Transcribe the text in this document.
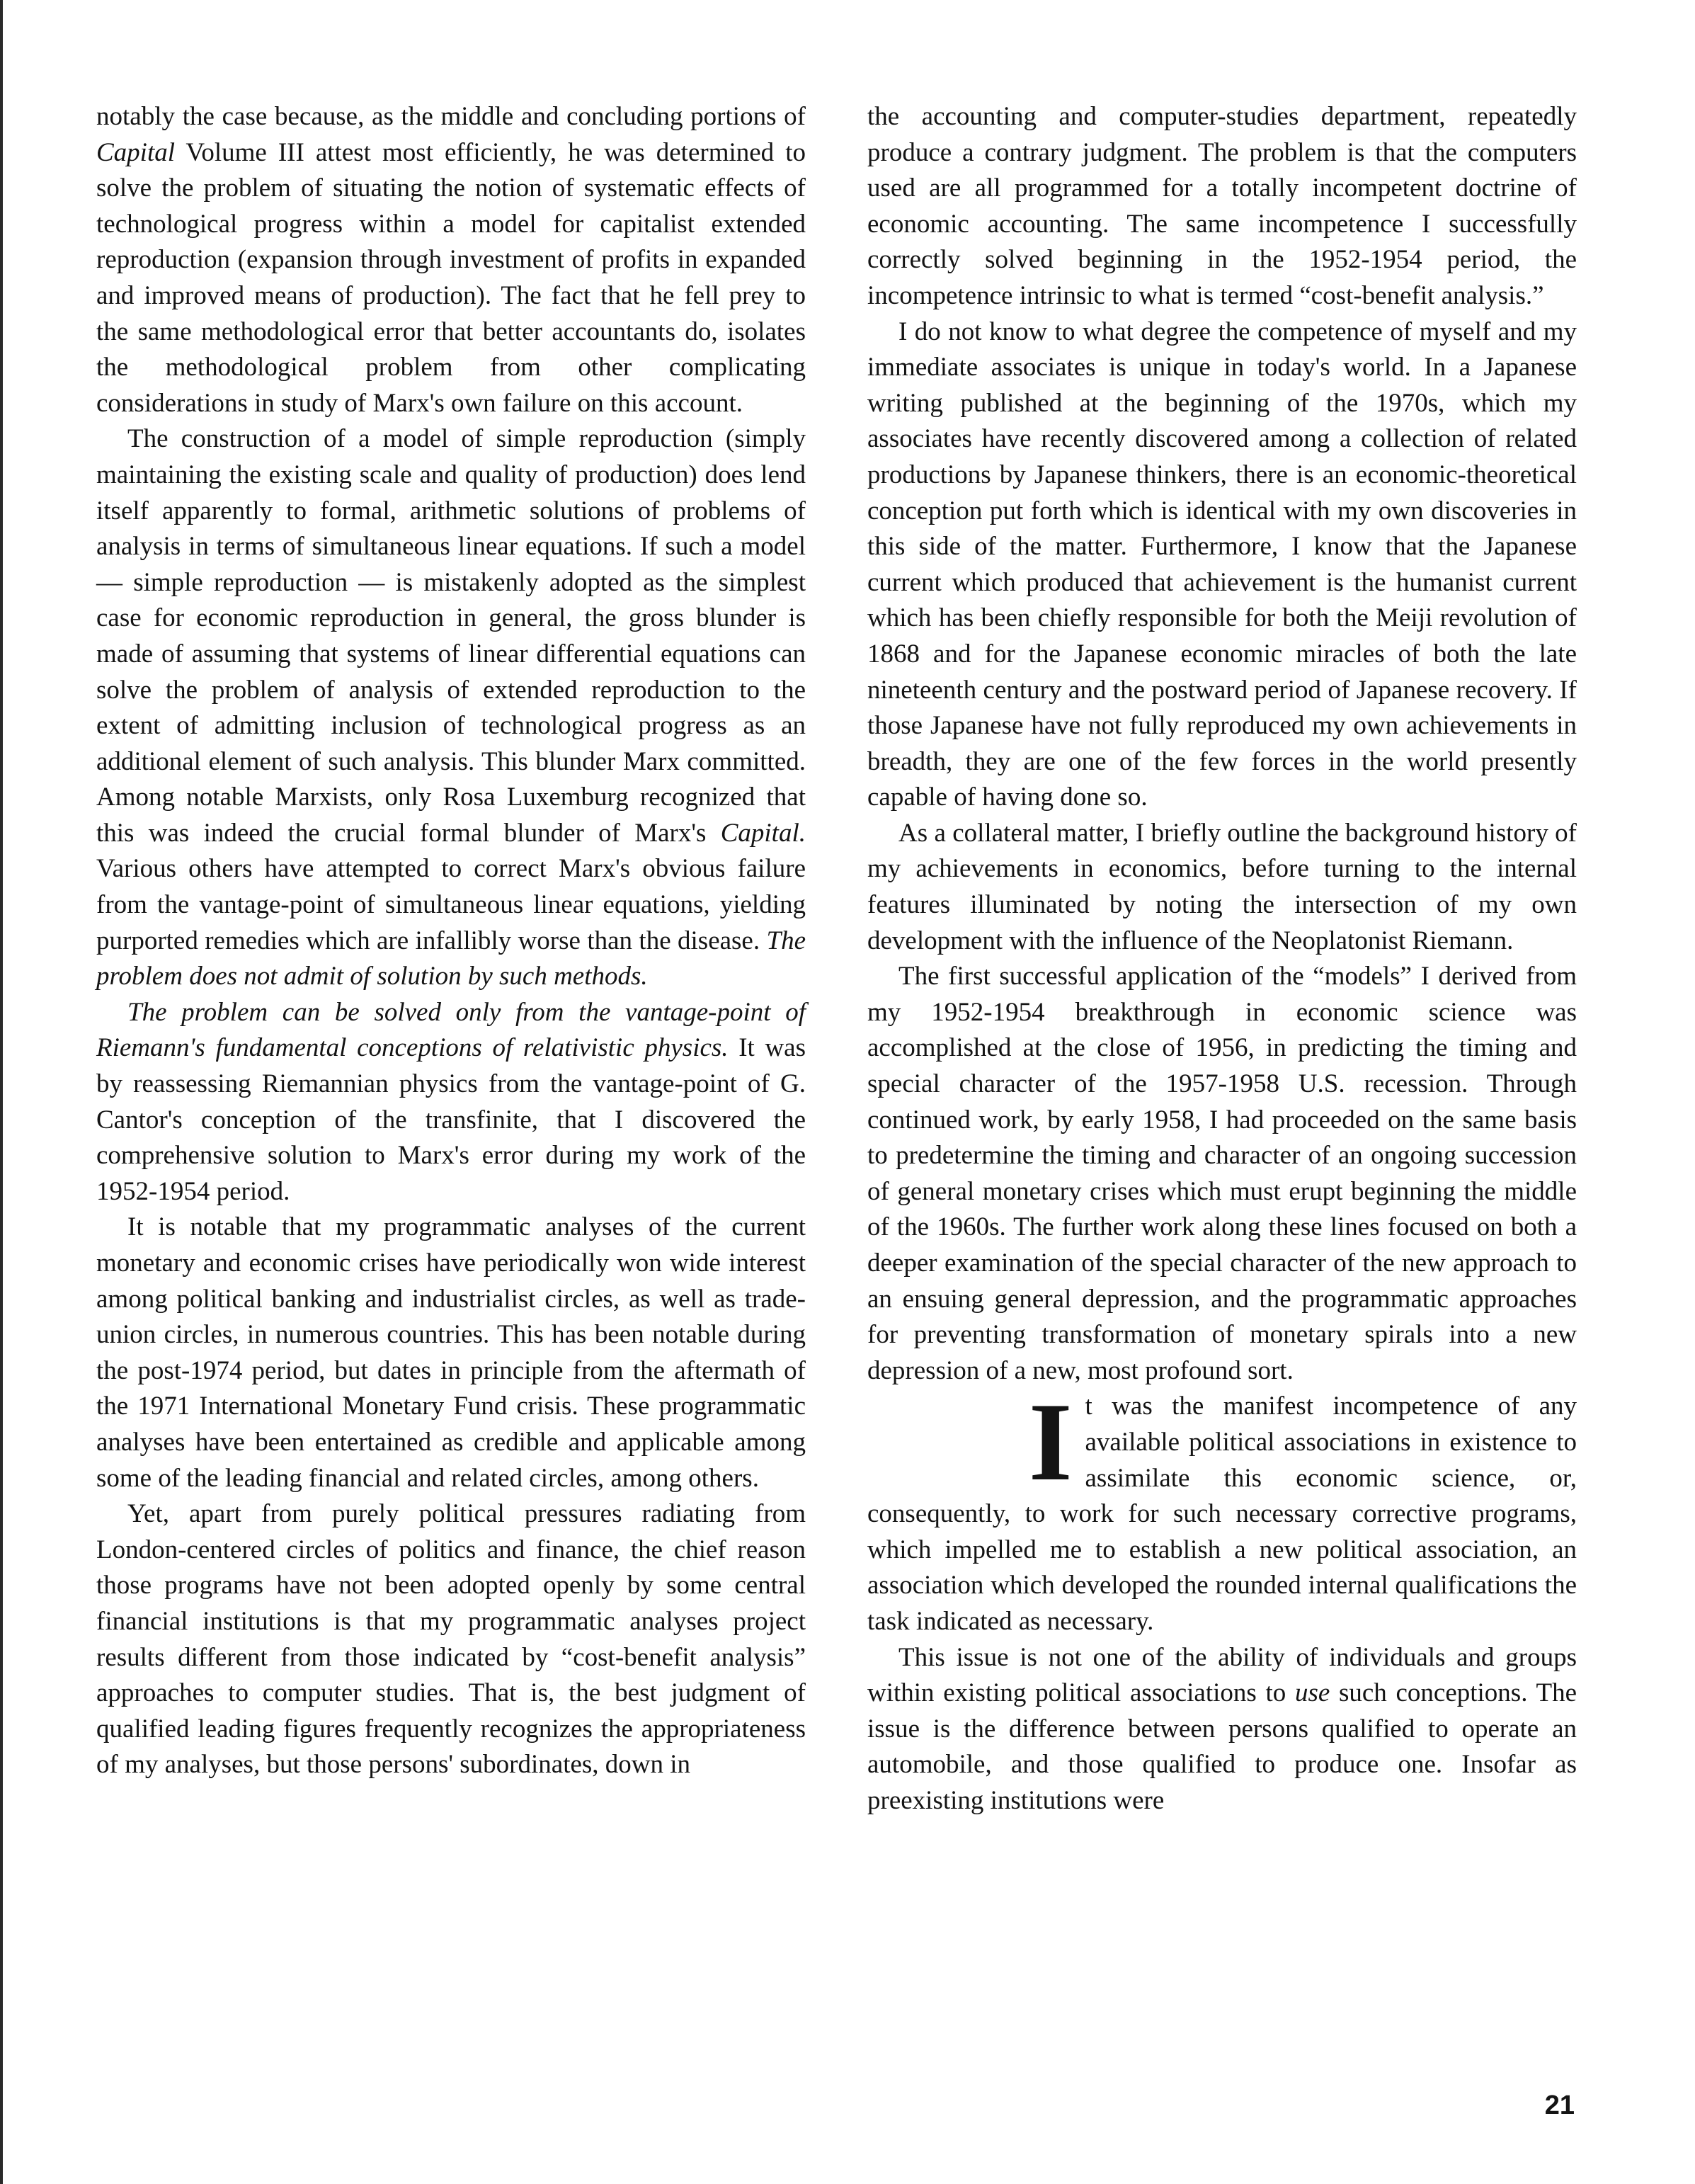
notably the case because, as the middle and concluding portions of Capital Volume III attest most efficiently, he was determined to solve the problem of situating the notion of systematic effects of technological progress within a model for capitalist extended reproduction (expansion through investment of profits in expanded and improved means of production). The fact that he fell prey to the same methodological error that better accountants do, isolates the methodological problem from other complicating considerations in study of Marx's own failure on this account.

The construction of a model of simple reproduction (simply maintaining the existing scale and quality of production) does lend itself apparently to formal, arithmetic solutions of problems of analysis in terms of simultaneous linear equations. If such a model — simple reproduction — is mistakenly adopted as the simplest case for economic reproduction in general, the gross blunder is made of assuming that systems of linear differential equations can solve the problem of analysis of extended reproduction to the extent of admitting inclusion of technological progress as an additional element of such analysis. This blunder Marx committed. Among notable Marxists, only Rosa Luxemburg recognized that this was indeed the crucial formal blunder of Marx's Capital. Various others have attempted to correct Marx's obvious failure from the vantage-point of simultaneous linear equations, yielding purported remedies which are infallibly worse than the disease. The problem does not admit of solution by such methods.

The problem can be solved only from the vantage-point of Riemann's fundamental conceptions of relativistic physics. It was by reassessing Riemannian physics from the vantage-point of G. Cantor's conception of the transfinite, that I discovered the comprehensive solution to Marx's error during my work of the 1952-1954 period.

It is notable that my programmatic analyses of the current monetary and economic crises have periodically won wide interest among political banking and industrialist circles, as well as trade-union circles, in numerous countries. This has been notable during the post-1974 period, but dates in principle from the aftermath of the 1971 International Monetary Fund crisis. These programmatic analyses have been entertained as credible and applicable among some of the leading financial and related circles, among others.

Yet, apart from purely political pressures radiating from London-centered circles of politics and finance, the chief reason those programs have not been adopted openly by some central financial institutions is that my programmatic analyses project results different from those indicated by “cost-benefit analysis” approaches to computer studies. That is, the best judgment of qualified leading figures frequently recognizes the appropriateness of my analyses, but those persons' subordinates, down in

the accounting and computer-studies department, repeatedly produce a contrary judgment. The problem is that the computers used are all programmed for a totally incompetent doctrine of economic accounting. The same incompetence I successfully correctly solved beginning in the 1952-1954 period, the incompetence intrinsic to what is termed “cost-benefit analysis.”

I do not know to what degree the competence of myself and my immediate associates is unique in today's world. In a Japanese writing published at the beginning of the 1970s, which my associates have recently discovered among a collection of related productions by Japanese thinkers, there is an economic-theoretical conception put forth which is identical with my own discoveries in this side of the matter. Furthermore, I know that the Japanese current which produced that achievement is the humanist current which has been chiefly responsible for both the Meiji revolution of 1868 and for the Japanese economic miracles of both the late nineteenth century and the postward period of Japanese recovery. If those Japanese have not fully reproduced my own achievements in breadth, they are one of the few forces in the world presently capable of having done so.

As a collateral matter, I briefly outline the background history of my achievements in economics, before turning to the internal features illuminated by noting the intersection of my own development with the influence of the Neoplatonist Riemann.

The first successful application of the “models” I derived from my 1952-1954 breakthrough in economic science was accomplished at the close of 1956, in predicting the timing and special character of the 1957-1958 U.S. recession. Through continued work, by early 1958, I had proceeded on the same basis to predetermine the timing and character of an ongoing succession of general monetary crises which must erupt beginning the middle of the 1960s. The further work along these lines focused on both a deeper examination of the special character of the new approach to an ensuing general depression, and the programmatic approaches for preventing transformation of monetary spirals into a new depression of a new, most profound sort.

It was the manifest incompetence of any available political associations in existence to assimilate this economic science, or, consequently, to work for such necessary corrective programs, which impelled me to establish a new political association, an association which developed the rounded internal qualifications the task indicated as necessary.

This issue is not one of the ability of individuals and groups within existing political associations to use such conceptions. The issue is the difference between persons qualified to operate an automobile, and those qualified to produce one. Insofar as preexisting institutions were

21
